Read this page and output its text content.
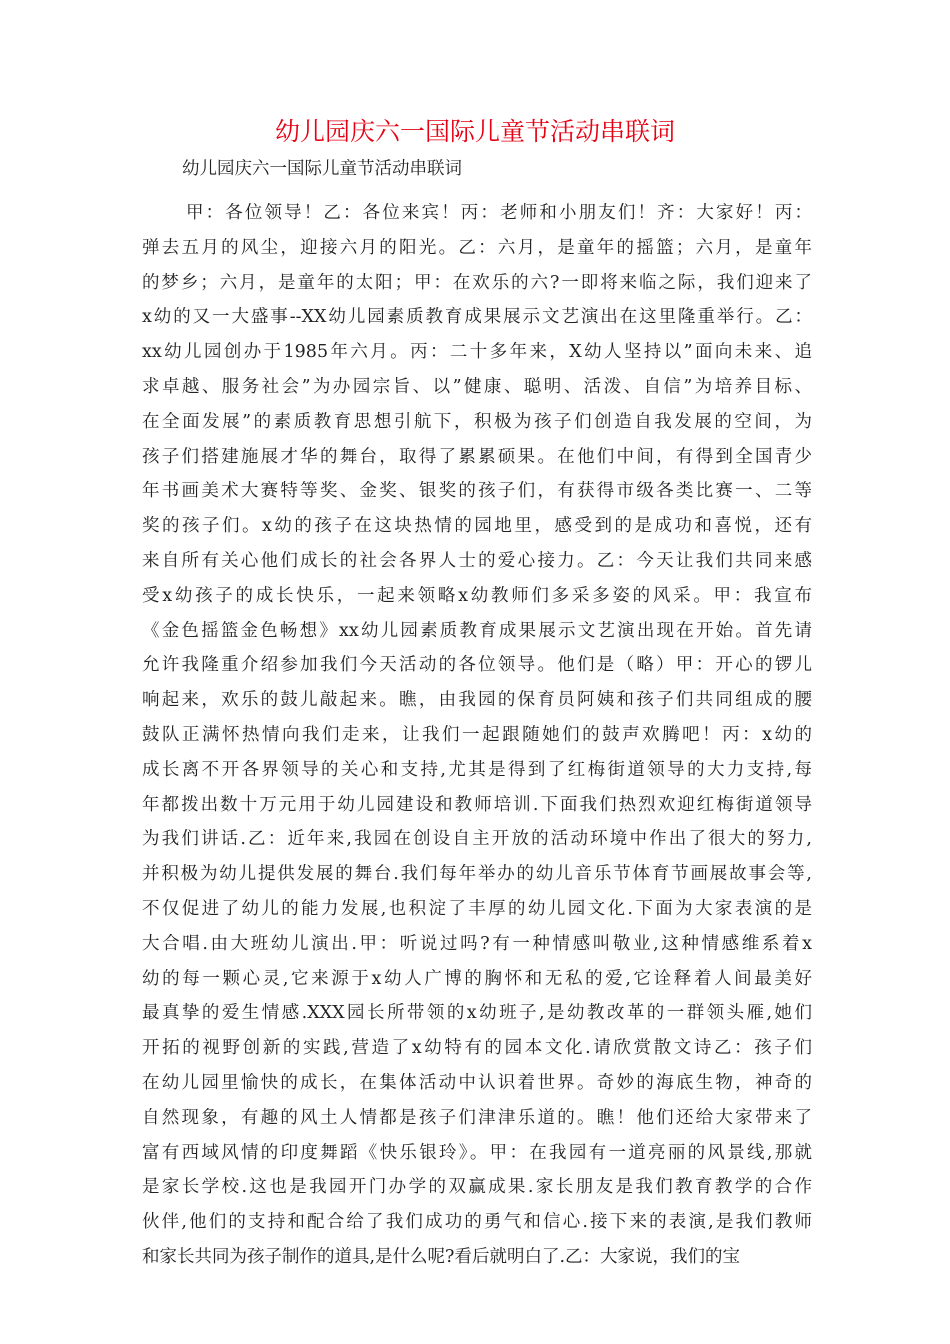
幼儿园庆六一国际儿童节活动串联词

幼儿园庆六一国际儿童节活动串联词

甲：各位领导！乙：各位来宾！丙：老师和小朋友们！齐：大家好！丙：
弹去五月的风尘，迎接六月的阳光。乙：六月，是童年的摇篮；六月，是童年
的梦乡；六月，是童年的太阳；甲：在欢乐的六?一即将来临之际，我们迎来了
x幼的又一大盛事--XX幼儿园素质教育成果展示文艺演出在这里隆重举行。乙：
xx幼儿园创办于1985年六月。丙：二十多年来，X幼人坚持以”面向未来、追
求卓越、服务社会”为办园宗旨、以”健康、聪明、活泼、自信”为培养目标、
在全面发展”的素质教育思想引航下，积极为孩子们创造自我发展的空间，为
孩子们搭建施展才华的舞台，取得了累累硕果。在他们中间，有得到全国青少
年书画美术大赛特等奖、金奖、银奖的孩子们，有获得市级各类比赛一、二等
奖的孩子们。x幼的孩子在这块热情的园地里，感受到的是成功和喜悦，还有
来自所有关心他们成长的社会各界人士的爱心接力。乙：今天让我们共同来感
受x幼孩子的成长快乐，一起来领略x幼教师们多采多姿的风采。甲：我宣布
《金色摇篮金色畅想》xx幼儿园素质教育成果展示文艺演出现在开始。首先请
允许我隆重介绍参加我们今天活动的各位领导。他们是（略）甲：开心的锣儿
响起来，欢乐的鼓儿敲起来。瞧，由我园的保育员阿姨和孩子们共同组成的腰
鼓队正满怀热情向我们走来，让我们一起跟随她们的鼓声欢腾吧！丙：x幼的
成长离不开各界领导的关心和支持,尤其是得到了红梅街道领导的大力支持,每
年都拨出数十万元用于幼儿园建设和教师培训.下面我们热烈欢迎红梅街道领导
为我们讲话.乙：近年来,我园在创设自主开放的活动环境中作出了很大的努力,
并积极为幼儿提供发展的舞台.我们每年举办的幼儿音乐节体育节画展故事会等,
不仅促进了幼儿的能力发展,也积淀了丰厚的幼儿园文化.下面为大家表演的是
大合唱.由大班幼儿演出.甲：听说过吗?有一种情感叫敬业,这种情感维系着x
幼的每一颗心灵,它来源于x幼人广博的胸怀和无私的爱,它诠释着人间最美好
最真挚的爱生情感.XXX园长所带领的x幼班子,是幼教改革的一群领头雁,她们
开拓的视野创新的实践,营造了x幼特有的园本文化.请欣赏散文诗乙：孩子们
在幼儿园里愉快的成长，在集体活动中认识着世界。奇妙的海底生物，神奇的
自然现象，有趣的风土人情都是孩子们津津乐道的。瞧！他们还给大家带来了
富有西域风情的印度舞蹈《快乐银玲》。甲：在我园有一道亮丽的风景线,那就
是家长学校.这也是我园开门办学的双赢成果.家长朋友是我们教育教学的合作
伙伴,他们的支持和配合给了我们成功的勇气和信心.接下来的表演,是我们教师
和家长共同为孩子制作的道具,是什么呢?看后就明白了.乙：大家说，我们的宝
